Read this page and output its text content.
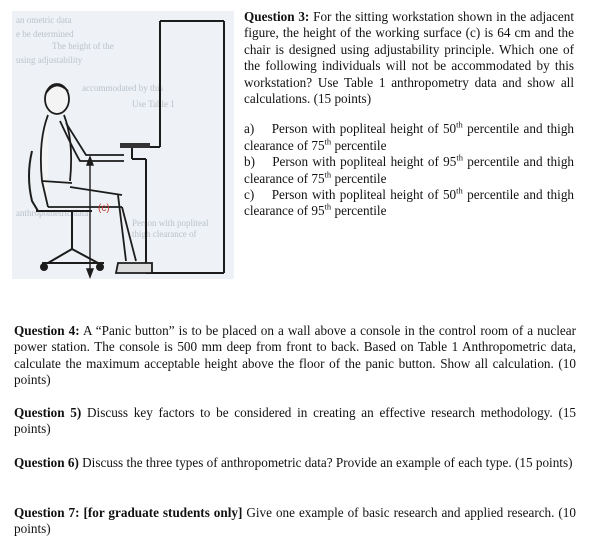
an ometric data
e be determined
The height of the
using adjustability
accommodated by this
Use Table 1
anthropometric data
Person with popliteal
thigh clearance of
(c)

Question 3: For the sitting workstation shown in the adjacent figure, the height of the working surface (c) is 64 cm and the chair is designed using adjustability principle. Which one of the following individuals will not be accommodated by this workstation? Use Table 1 anthropometry data and show all calculations. (15 points)

a) Person with popliteal height of 50th percentile and thigh clearance of 75th percentile

b) Person with popliteal height of 95th percentile and thigh clearance of 75th percentile

c) Person with popliteal height of 50th percentile and thigh clearance of 95th percentile

Question 4: A “Panic button” is to be placed on a wall above a console in the control room of a nuclear power station. The console is 500 mm deep from front to back. Based on Table 1 Anthropometric data, calculate the maximum acceptable height above the floor of the panic button. Show all calculation. (10 points)

Question 5) Discuss key factors to be considered in creating an effective research methodology. (15 points)

Question 6) Discuss the three types of anthropometric data? Provide an example of each type. (15 points)

Question 7: [for graduate students only] Give one example of basic research and applied research. (10 points)
